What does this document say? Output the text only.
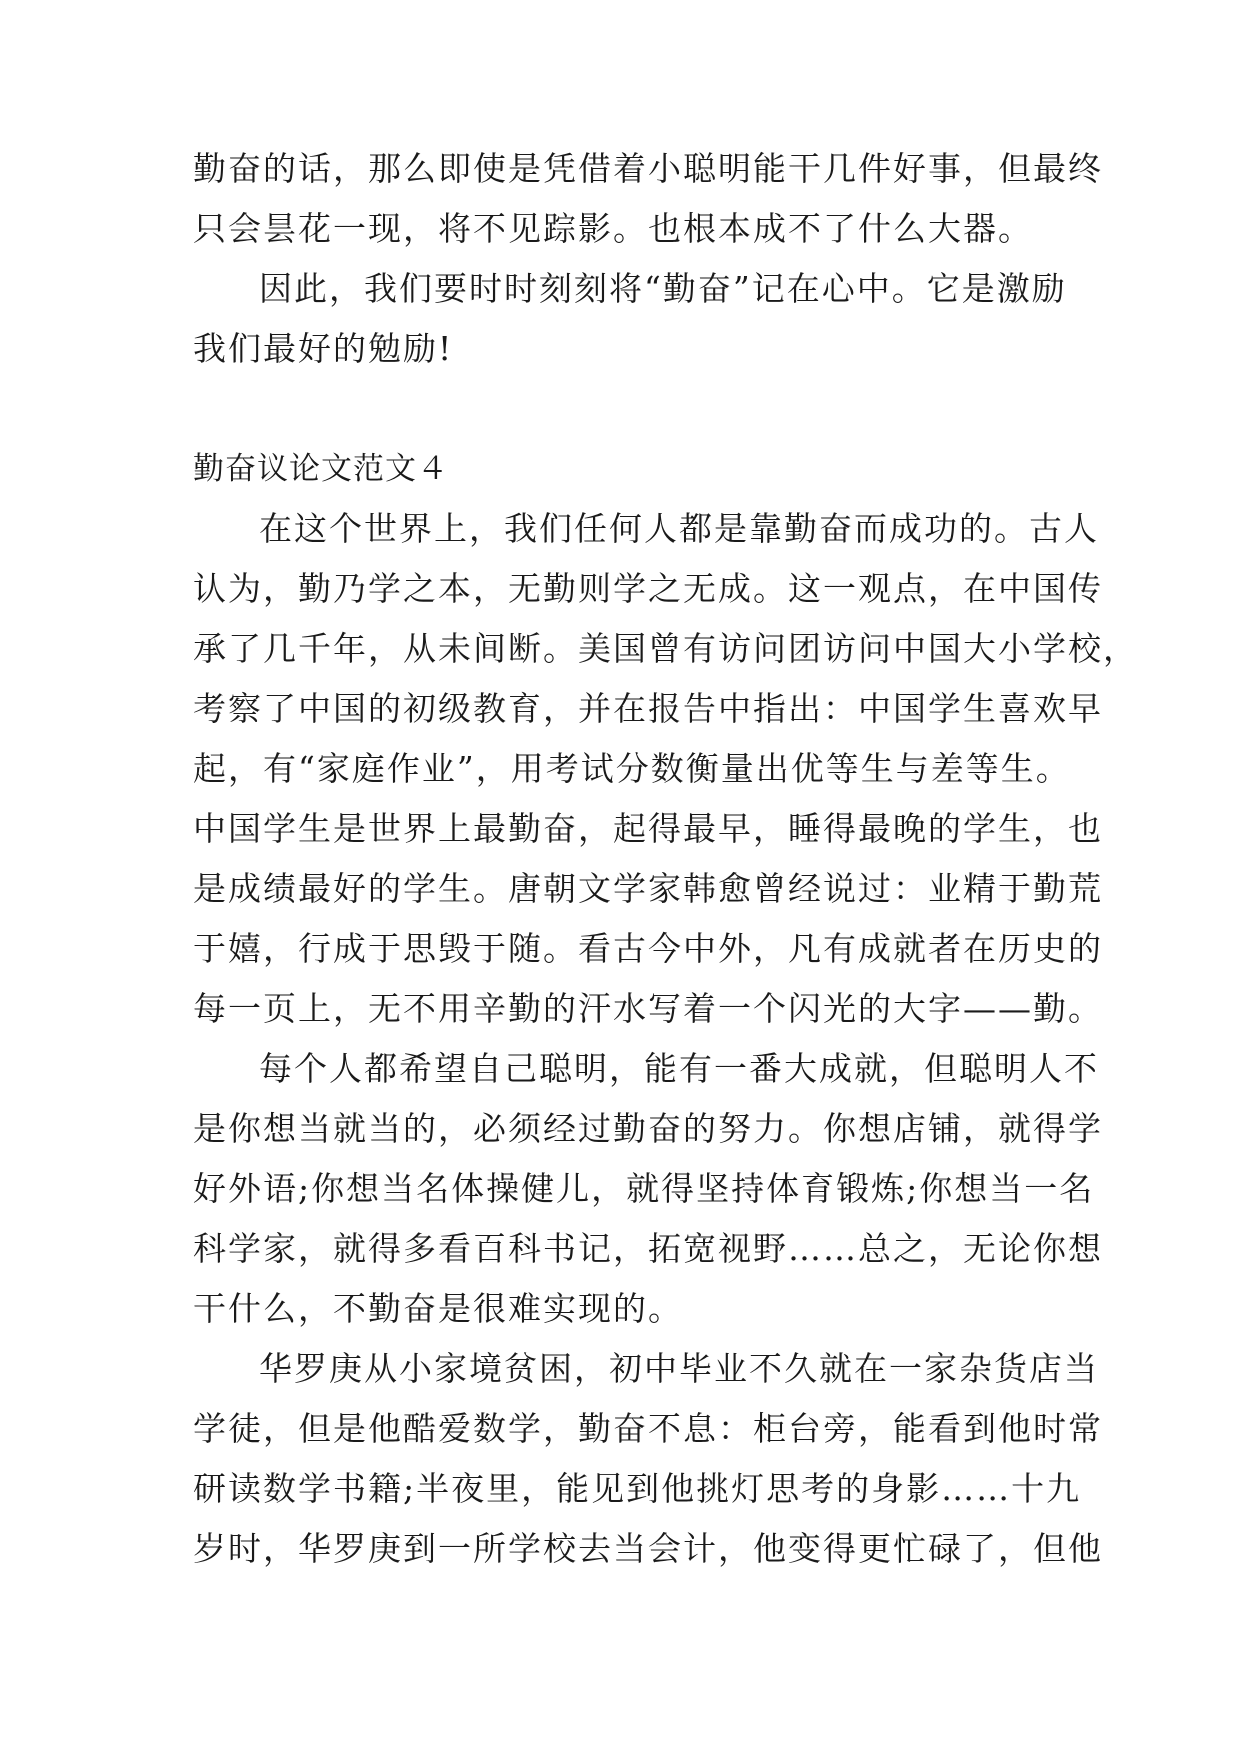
勤奋的话，那么即使是凭借着小聪明能干几件好事，但最终
只会昙花一现，将不见踪影。也根本成不了什么大器。
因此，我们要时时刻刻将“勤奋”记在心中。它是激励
我们最好的勉励!
勤奋议论文范文４
在这个世界上，我们任何人都是靠勤奋而成功的。古人
认为，勤乃学之本，无勤则学之无成。这一观点，在中国传
承了几千年，从未间断。美国曾有访问团访问中国大小学校，
考察了中国的初级教育，并在报告中指出：中国学生喜欢早
起，有“家庭作业”，用考试分数衡量出优等生与差等生。
中国学生是世界上最勤奋，起得最早，睡得最晚的学生，也
是成绩最好的学生。唐朝文学家韩愈曾经说过：业精于勤荒
于嬉，行成于思毁于随。看古今中外，凡有成就者在历史的
每一页上，无不用辛勤的汗水写着一个闪光的大字——勤。
每个人都希望自己聪明，能有一番大成就，但聪明人不
是你想当就当的，必须经过勤奋的努力。你想店铺，就得学
好外语;你想当名体操健儿，就得坚持体育锻炼;你想当一名
科学家，就得多看百科书记，拓宽视野……总之，无论你想
干什么，不勤奋是很难实现的。
华罗庚从小家境贫困，初中毕业不久就在一家杂货店当
学徒，但是他酷爱数学，勤奋不息：柜台旁，能看到他时常
研读数学书籍;半夜里，能见到他挑灯思考的身影……十九
岁时，华罗庚到一所学校去当会计，他变得更忙碌了，但他
